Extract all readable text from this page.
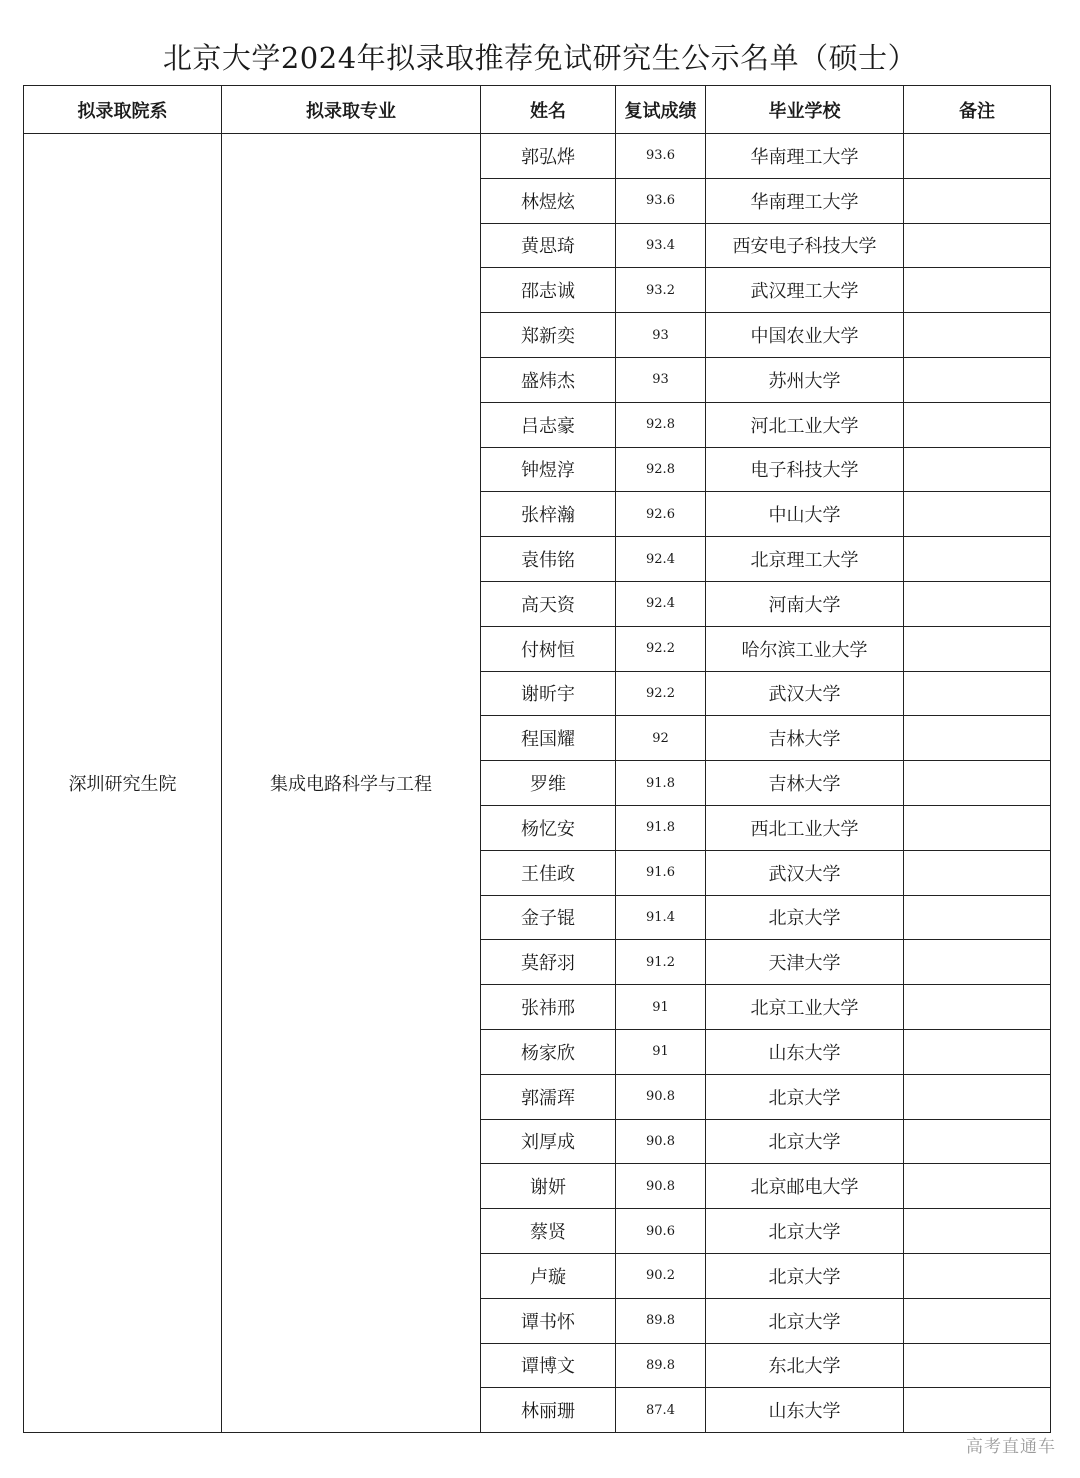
北京大学2024年拟录取推荐免试研究生公示名单（硕士）
拟录取院系	拟录取专业	姓名	复试成绩	毕业学校	备注
深圳研究生院	集成电路科学与工程	郭弘烨	93.6	华南理工大学	
		林煜炫	93.6	华南理工大学	
		黄思琦	93.4	西安电子科技大学	
		邵志诚	93.2	武汉理工大学	
		郑新奕	93	中国农业大学	
		盛炜杰	93	苏州大学	
		吕志豪	92.8	河北工业大学	
		钟煜淳	92.8	电子科技大学	
		张梓瀚	92.6	中山大学	
		袁伟铭	92.4	北京理工大学	
		高天资	92.4	河南大学	
		付树恒	92.2	哈尔滨工业大学	
		谢昕宇	92.2	武汉大学	
		程国耀	92	吉林大学	
		罗维	91.8	吉林大学	
		杨忆安	91.8	西北工业大学	
		王佳政	91.6	武汉大学	
		金子锟	91.4	北京大学	
		莫舒羽	91.2	天津大学	
		张祎邢	91	北京工业大学	
		杨家欣	91	山东大学	
		郭濡珲	90.8	北京大学	
		刘厚成	90.8	北京大学	
		谢妍	90.8	北京邮电大学	
		蔡贤	90.6	北京大学	
		卢璇	90.2	北京大学	
		谭书怀	89.8	北京大学	
		谭博文	89.8	东北大学	
		林丽珊	87.4	山东大学	
高考直通车
